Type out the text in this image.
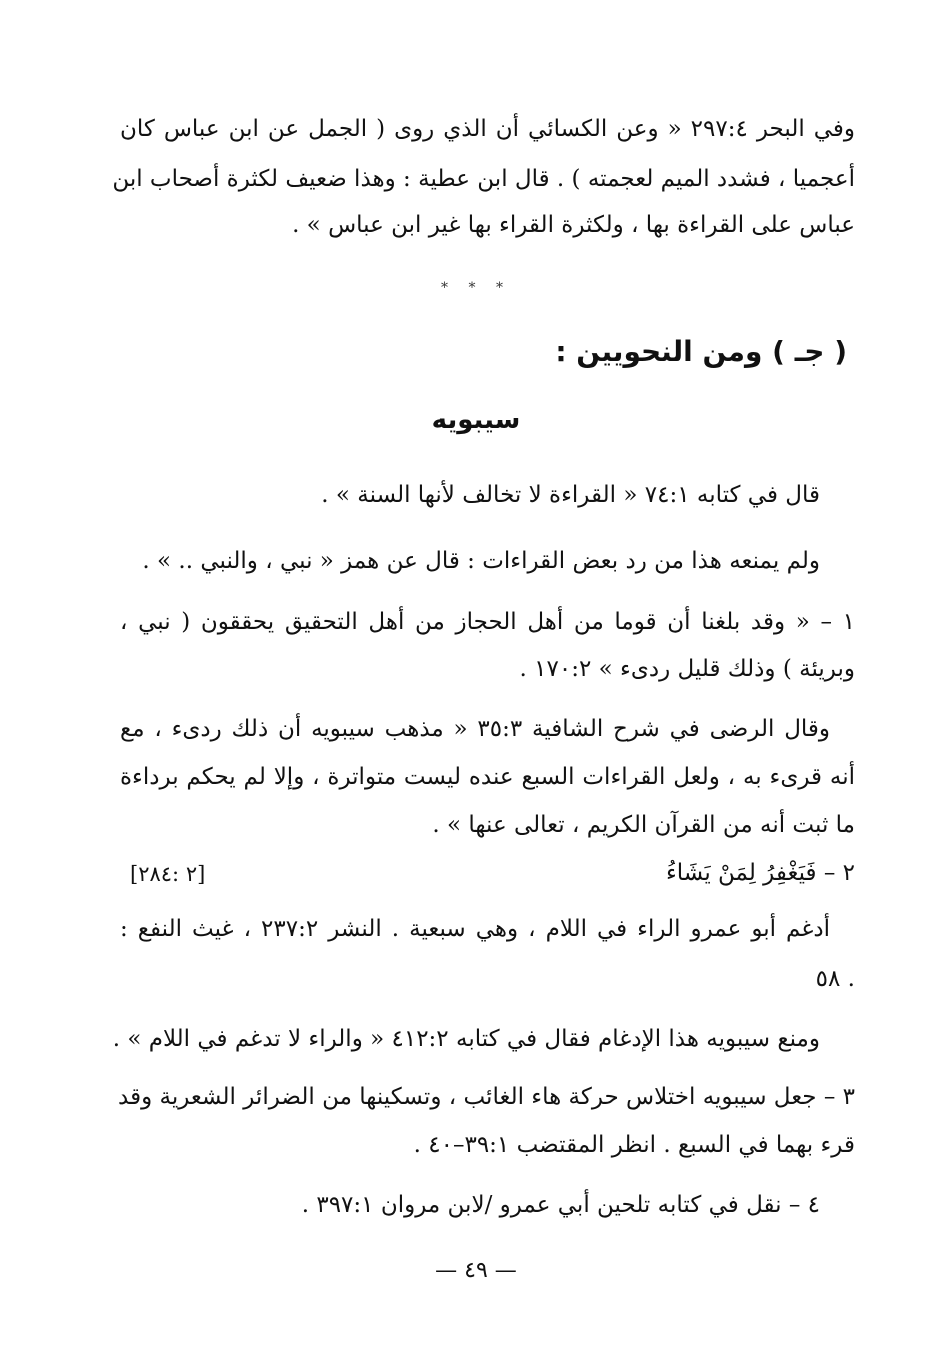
وفي البحر ٢٩٧:٤ « وعن الكسائي أن الذي روى ( الجمل عن ابن عباس كان
أعجميا ، فشدد الميم لعجمته ) . قال ابن عطية : وهذا ضعيف لكثرة أصحاب ابن
عباس على القراءة بها ، ولكثرة القراء بها غير ابن عباس » .
* * *
( جـ ) ومن النحويين :
سيبويه
قال في كتابه ٧٤:١ « القراءة لا تخالف لأنها السنة » .
ولم يمنعه هذا من رد بعض القراءات : قال عن همز « نبي ، والنبي .. » .
١ – « وقد بلغنا أن قوما من أهل الحجاز من أهل التحقيق يحققون ( نبي ،
وبريئة ) وذلك قليل ردىء » ١٧٠:٢ .
وقال الرضى في شرح الشافية ٣٥:٣ « مذهب سيبويه أن ذلك ردىء ، مع
أنه قرىء به ، ولعل القراءات السبع عنده ليست متواترة ، وإلا لم يحكم برداءة
ما ثبت أنه من القرآن الكريم ، تعالى عنها » .
٢ – فَيَغْفِرُ لِمَنْ يَشَاءُ
[٢ :٢٨٤]
أدغم أبو عمرو الراء في اللام ، وهي سبعية . النشر ٢٣٧:٢ ، غيث النفع :
٥٨ .
ومنع سيبويه هذا الإدغام فقال في كتابه ٤١٢:٢ « والراء لا تدغم في اللام » .
٣ – جعل سيبويه اختلاس حركة هاء الغائب ، وتسكينها من الضرائر الشعرية وقد
قرء بهما في السبع . انظر المقتضب ٣٩:١–٤٠ .
٤ – نقل في كتابه تلحين أبي عمرو /لابن مروان ٣٩٧:١ .
— ٤٩ —
